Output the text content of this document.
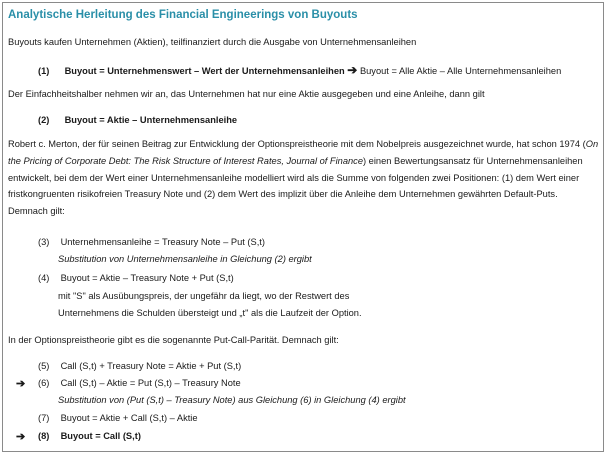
Analytische Herleitung des Financial Engineerings von Buyouts
Buyouts kaufen Unternehmen (Aktien), teilfinanziert durch die Ausgabe von Unternehmensanleihen
(1) Buyout = Unternehmenswert – Wert der Unternehmensanleihen ➔ Buyout = Alle Aktie – Alle Unternehmensanleihen
Der Einfachheitshalber nehmen wir an, das Unternehmen hat nur eine Aktie ausgegeben und eine Anleihe, dann gilt
(2) Buyout = Aktie – Unternehmensanleihe
Robert c. Merton, der für seinen Beitrag zur Entwicklung der Optionspreistheorie mit dem Nobelpreis ausgezeichnet wurde, hat schon 1974 (On the Pricing of Corporate Debt: The Risk Structure of Interest Rates, Journal of Finance) einen Bewertungsansatz für Unternehmensanleihen entwickelt, bei dem der Wert einer Unternehmensanleihe modelliert wird als die Summe von folgenden zwei Positionen: (1) dem Wert einer fristkongruenten risikofreien Treasury Note und (2) dem Wert des implizit über die Anleihe dem Unternehmen gewährten Default-Puts. Demnach gilt:
(3) Unternehmensanleihe = Treasury Note – Put (S,t)
Substitution von Unternehmensanleihe in Gleichung (2) ergibt
(4) Buyout = Aktie – Treasury Note + Put (S,t)
mit "S" als Ausübungspreis, der ungefähr da liegt, wo der Restwert des
Unternehmens die Schulden übersteigt und „t" als die Laufzeit der Option.
In der Optionspreistheorie gibt es die sogenannte Put-Call-Parität. Demnach gilt:
(5) Call (S,t) + Treasury Note = Aktie + Put (S,t)
➔ (6) Call (S,t) – Aktie = Put (S,t) – Treasury Note
Substitution von (Put (S,t) – Treasury Note) aus Gleichung (6) in Gleichung (4) ergibt
(7) Buyout = Aktie + Call (S,t) – Aktie
➔ (8) Buyout = Call (S,t)
